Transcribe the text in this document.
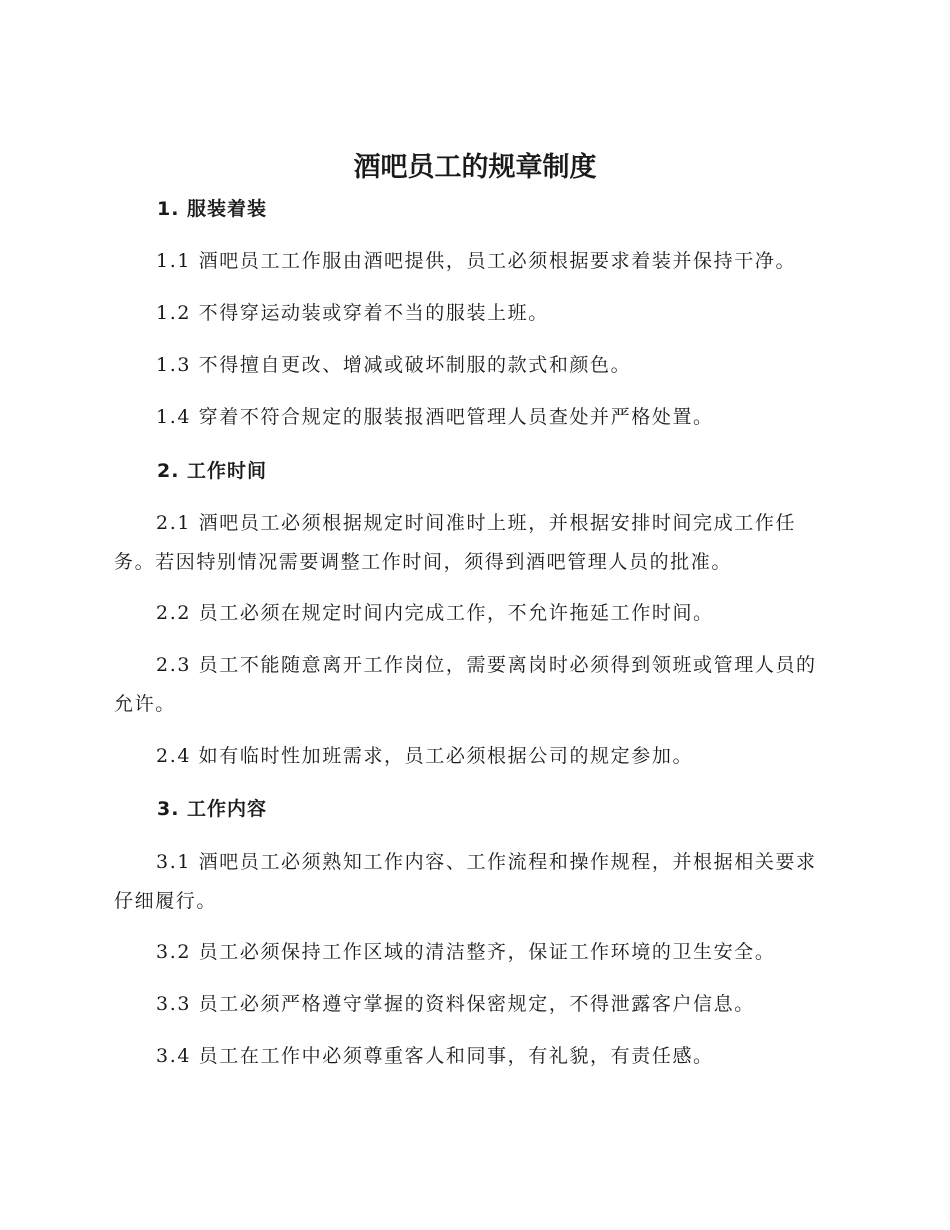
酒吧员工的规章制度
1. 服装着装

1.1 酒吧员工工作服由酒吧提供，员工必须根据要求着装并保持干净。

1.2 不得穿运动装或穿着不当的服装上班。

1.3 不得擅自更改、增减或破坏制服的款式和颜色。

1.4 穿着不符合规定的服装报酒吧管理人员查处并严格处置。

2. 工作时间

2.1 酒吧员工必须根据规定时间准时上班，并根据安排时间完成工作任务。若因特别情况需要调整工作时间，须得到酒吧管理人员的批准。

2.2 员工必须在规定时间内完成工作，不允许拖延工作时间。

2.3 员工不能随意离开工作岗位，需要离岗时必须得到领班或管理人员的允许。

2.4 如有临时性加班需求，员工必须根据公司的规定参加。

3. 工作内容

3.1 酒吧员工必须熟知工作内容、工作流程和操作规程，并根据相关要求仔细履行。

3.2 员工必须保持工作区域的清洁整齐，保证工作环境的卫生安全。

3.3 员工必须严格遵守掌握的资料保密规定，不得泄露客户信息。

3.4 员工在工作中必须尊重客人和同事，有礼貌，有责任感。
